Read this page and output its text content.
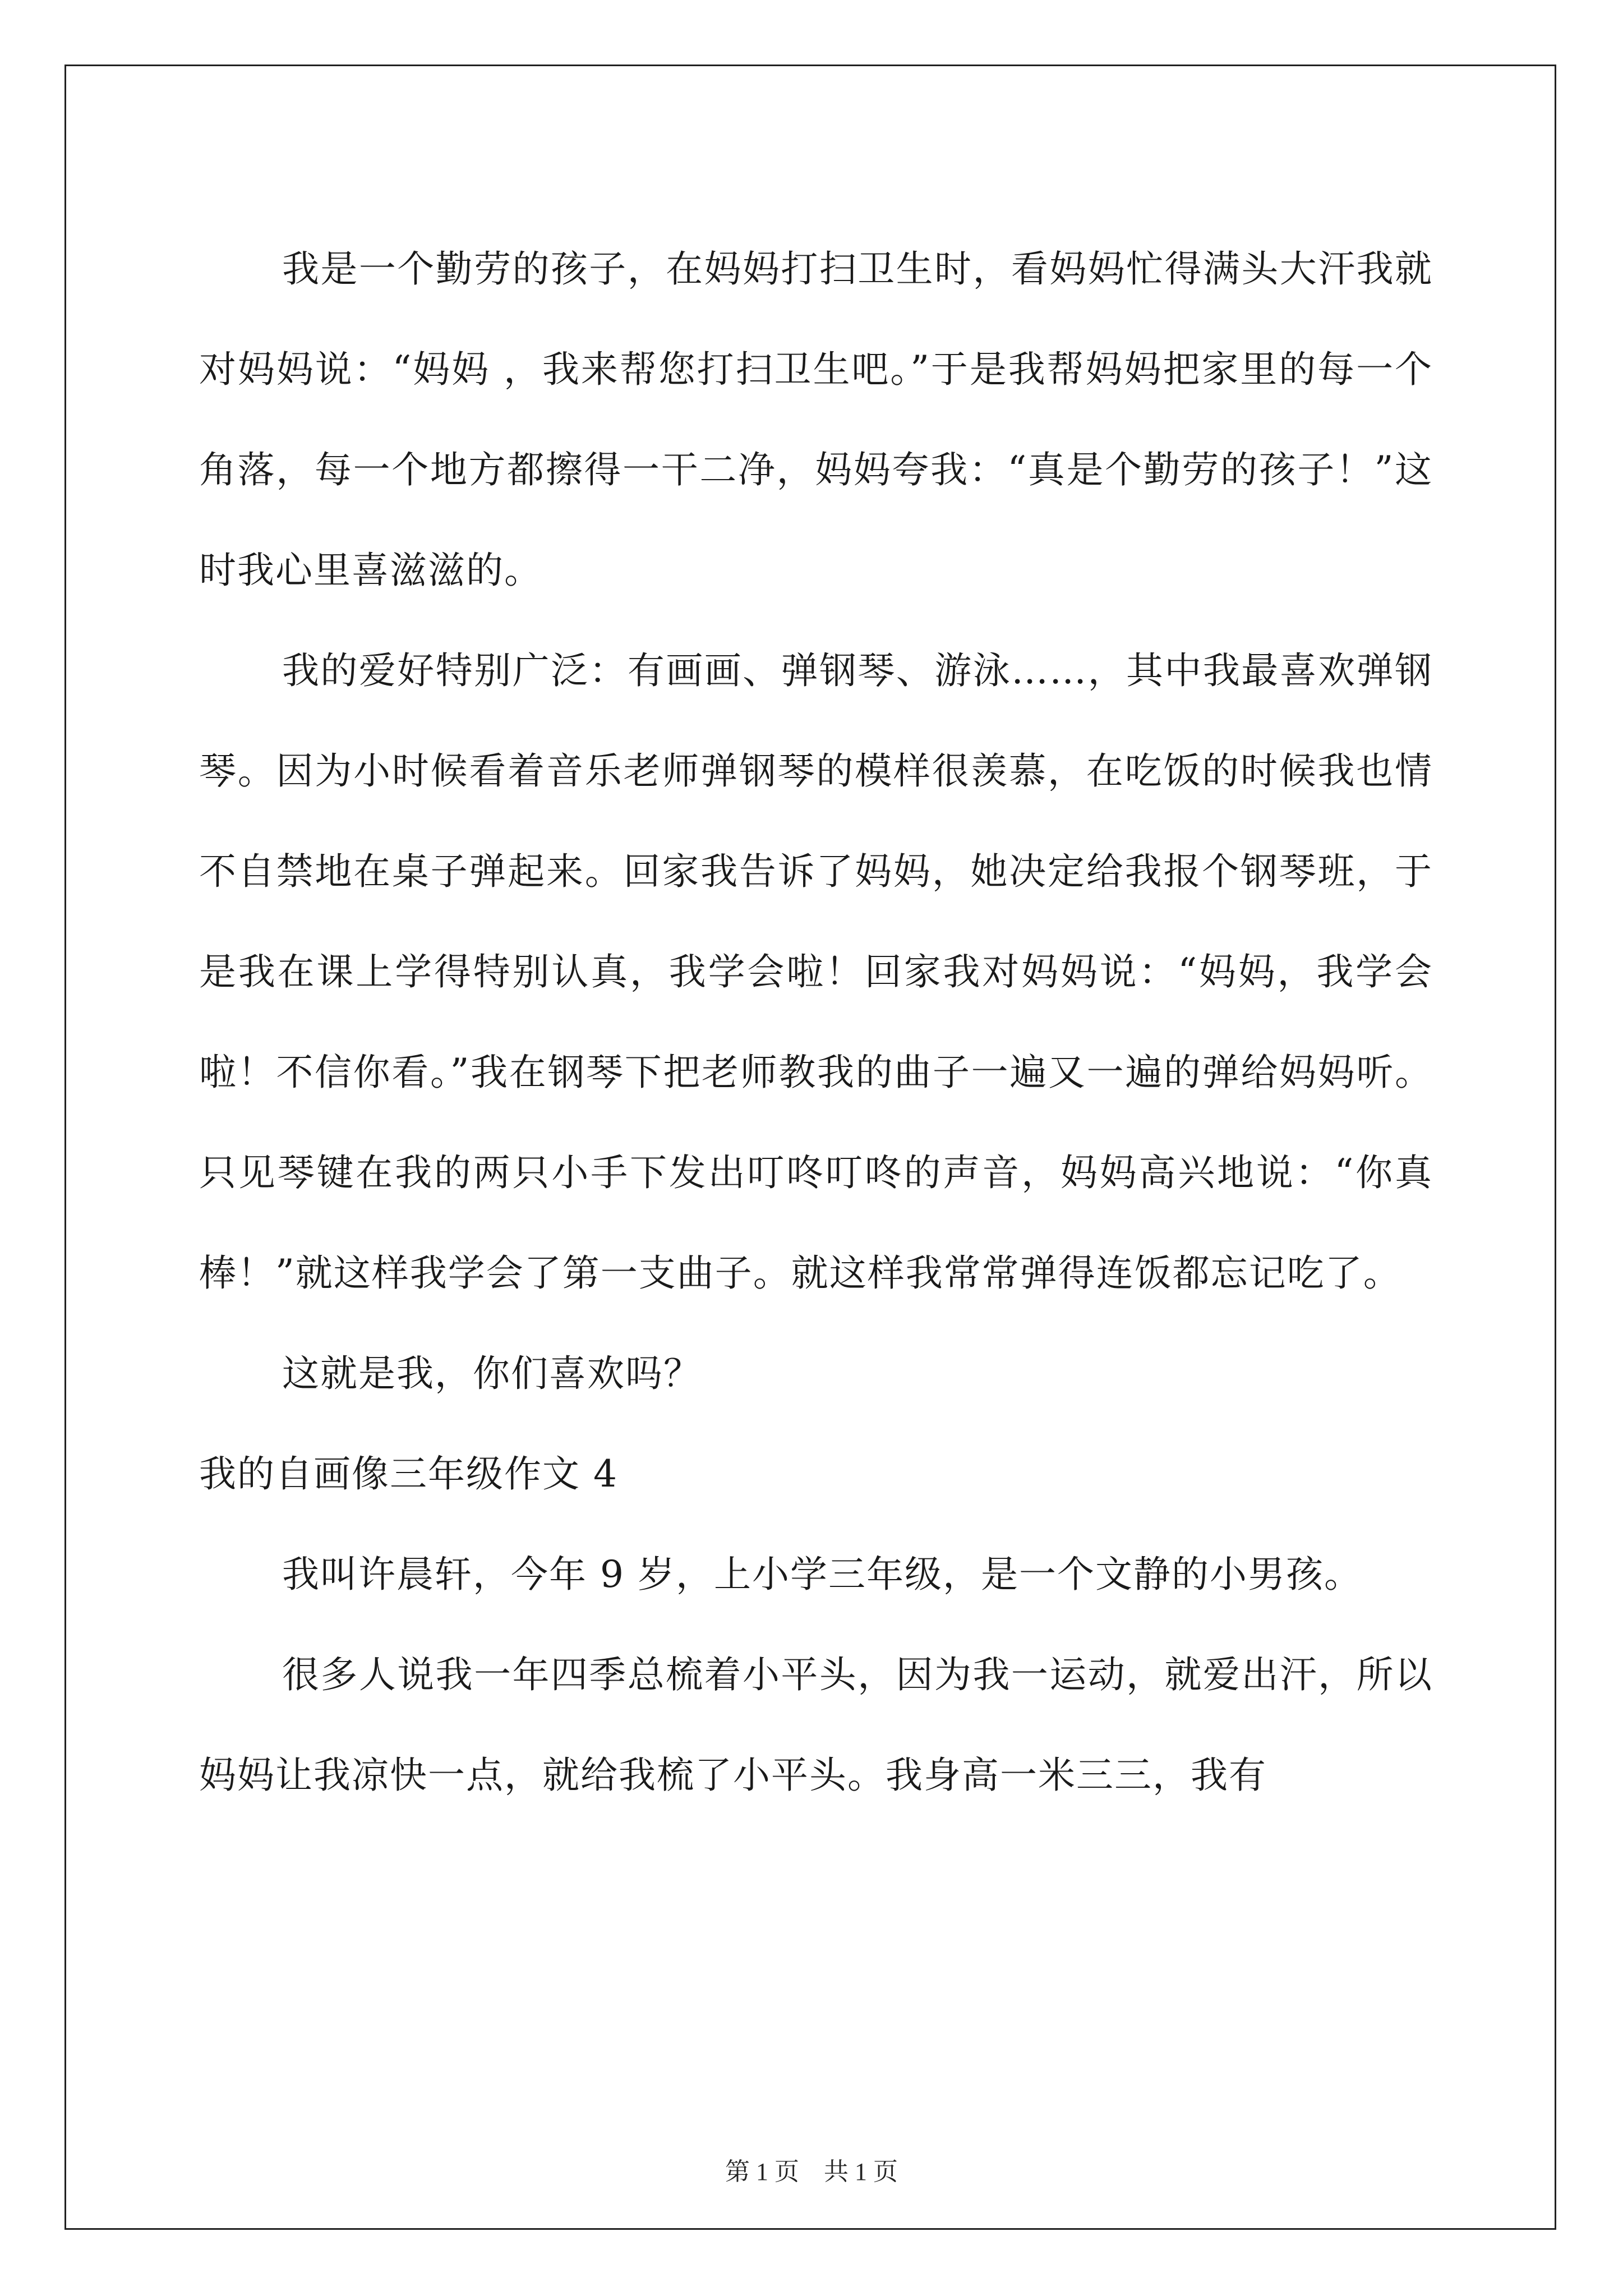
我是一个勤劳的孩子，在妈妈打扫卫生时，看妈妈忙得满头大汗我就对妈妈说：“妈妈 ，我来帮您打扫卫生吧。”于是我帮妈妈把家里的每一个角落，每一个地方都擦得一干二净，妈妈夸我：“真是个勤劳的孩子！”这时我心里喜滋滋的。

我的爱好特别广泛：有画画、弹钢琴、游泳……，其中我最喜欢弹钢琴。因为小时候看着音乐老师弹钢琴的模样很羡慕，在吃饭的时候我也情不自禁地在桌子弹起来。回家我告诉了妈妈，她决定给我报个钢琴班，于是我在课上学得特别认真，我学会啦！回家我对妈妈说：“妈妈，我学会啦！不信你看。”我在钢琴下把老师教我的曲子一遍又一遍的弹给妈妈听。只见琴键在我的两只小手下发出叮咚叮咚的声音，妈妈高兴地说：“你真棒！”就这样我学会了第一支曲子。就这样我常常弹得连饭都忘记吃了。

这就是我，你们喜欢吗？

我的自画像三年级作文 4

我叫许晨轩，今年 9 岁，上小学三年级，是一个文静的小男孩。

很多人说我一年四季总梳着小平头，因为我一运动，就爱出汗，所以妈妈让我凉快一点，就给我梳了小平头。我身高一米三三，我有

第 1 页　共 1 页
